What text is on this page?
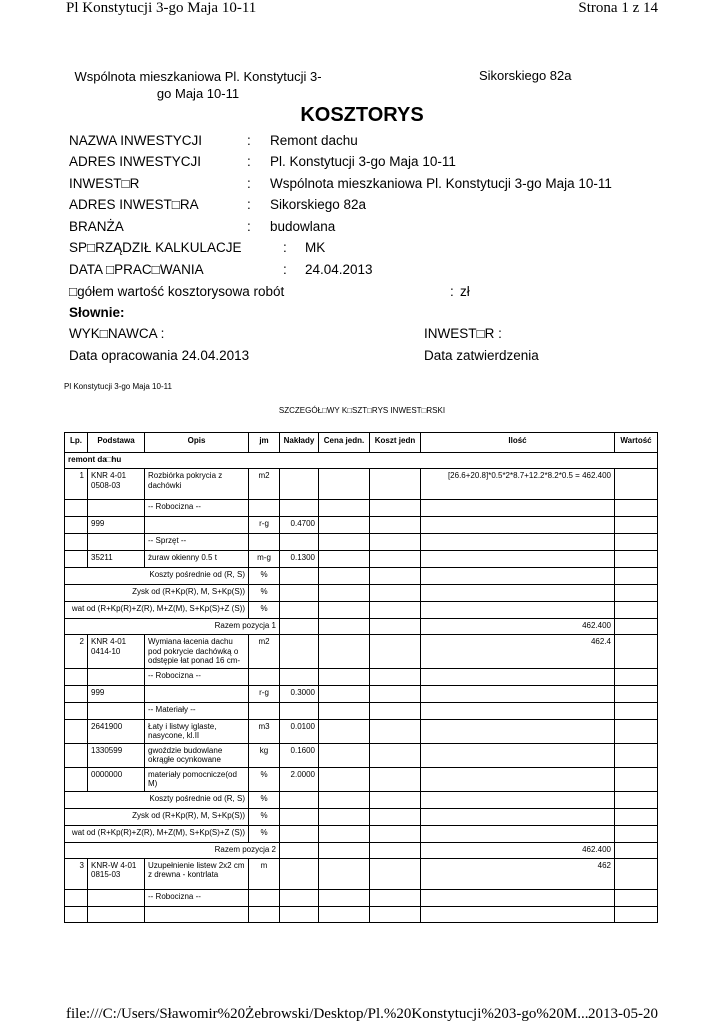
Pl Konstytucji 3-go Maja 10-11	Strona 1 z 14
Wspólnota mieszkaniowa Pl. Konstytucji 3-go Maja 10-11
Sikorskiego 82a
KOSZTORYS
NAZWA INWESTYCJI	: Remont dachu
ADRES INWESTYCJI	: Pl. Konstytucji 3-go Maja 10-11
INWEST□R	: Wspólnota mieszkaniowa Pl. Konstytucji 3-go Maja 10-11
ADRES INWEST□RA	: Sikorskiego 82a
BRANŻA	: budowlana
SP□RZĄDZIŁ KALKULACJE	: MK
DATA □PRAC□WANIA	: 24.04.2013
□gółem wartość kosztorysowa robót	: zł
Słownie:
WYK□NAWCA :	INWEST□R :
Data opracowania 24.04.2013	Data zatwierdzenia
Pl Konstytucji 3-go Maja 10-11
SZCZEGÓŁ□WY K□SZT□RYS INWEST□RSKI
Lp.	Podstawa	Opis	jm	Nakłady	Cena jedn.	Koszt jedn	Ilość	Wartość
remont da□hu								
1	KNR 4-01 0508-03	Rozbiórka pokrycia z dachówki	m2				[26.6+20.8]*0.5*2*8.7+12.2*8.2*0.5 = 462.400	
		-- Robocizna --						
	999		r-g	0.4700				
		-- Sprzęt --						
	35211	żuraw okienny 0.5 t	m-g	0.1300				
Koszty pośrednie od (R, S)			%					
Zysk od (R+Kp(R), M, S+Kp(S))			%					
wat od (R+Kp(R)+Z(R), M+Z(M), S+Kp(S)+Z (S))			%					
Razem pozycja 1							462.400	
2	KNR 4-01 0414-10	Wymiana łacenia dachu pod pokrycie dachówką o odstępie łat ponad 16 cm-	m2				462.4	
		-- Robocizna --						
	999		r-g	0.3000				
		-- Materiały --						
	2641900	Łaty i listwy iglaste, nasycone, kl.II	m3	0.0100				
	1330599	gwoździe budowlane okrągłe ocynkowane	kg	0.1600				
	0000000	materiały pomocnicze(od M)	%	2.0000				
Koszty pośrednie od (R, S)			%					
Zysk od (R+Kp(R), M, S+Kp(S))			%					
wat od (R+Kp(R)+Z(R), M+Z(M), S+Kp(S)+Z (S))			%					
Razem pozycja 2							462.400	
3	KNR-W 4-01 0815-03	Uzupełnienie listew 2x2 cm z drewna - kontrlata	m				462	
		-- Robocizna --						

file:///C:/Users/Sławomir%20Żebrowski/Desktop/Pl.%20Konstytucji%203-go%20M... 2013-05-20
